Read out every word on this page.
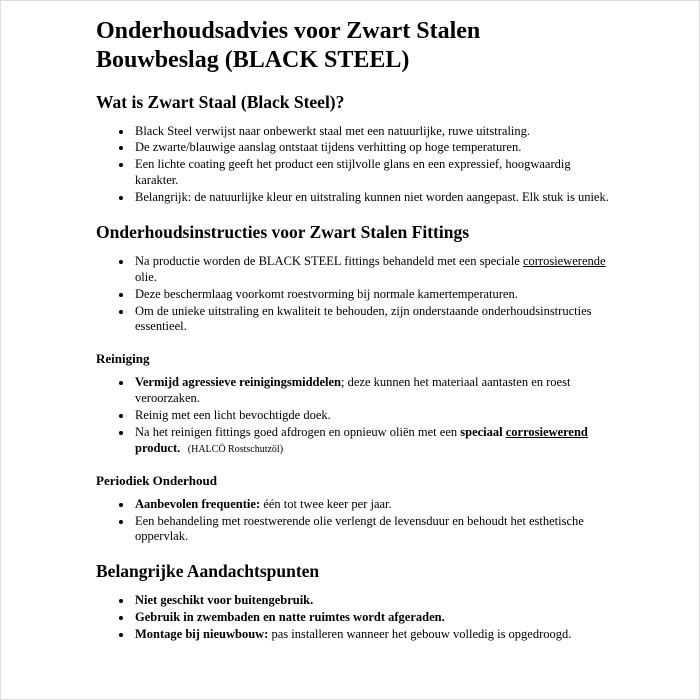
Onderhoudsadvies voor Zwart Stalen Bouwbeslag (BLACK STEEL)
Wat is Zwart Staal (Black Steel)?
• Black Steel verwijst naar onbewerkt staal met een natuurlijke, ruwe uitstraling.
• De zwarte/blauwige aanslag ontstaat tijdens verhitting op hoge temperaturen.
• Een lichte coating geeft het product een stijlvolle glans en een expressief, hoogwaardig karakter.
• Belangrijk: de natuurlijke kleur en uitstraling kunnen niet worden aangepast. Elk stuk is uniek.
Onderhoudsinstructies voor Zwart Stalen Fittings
• Na productie worden de BLACK STEEL fittings behandeld met een speciale corrosiewerende olie.
• Deze beschermlaag voorkomt roestvorming bij normale kamertemperaturen.
• Om de unieke uitstraling en kwaliteit te behouden, zijn onderstaande onderhoudsinstructies essentieel.
Reiniging
• Vermijd agressieve reinigingsmiddelen; deze kunnen het materiaal aantasten en roest veroorzaken.
• Reinig met een licht bevochtigde doek.
• Na het reinigen fittings goed afdrogen en opnieuw oliën met een speciaal corrosiewerend product.   (HALCÖ Rostschutzöl)
Periodiek Onderhoud
• Aanbevolen frequentie: één tot twee keer per jaar.
• Een behandeling met roestwerende olie verlengt de levensduur en behoudt het esthetische oppervlak.
Belangrijke Aandachtspunten
• Niet geschikt voor buitengebruik.
• Gebruik in zwembaden en natte ruimtes wordt afgeraden.
• Montage bij nieuwbouw: pas installeren wanneer het gebouw volledig is opgedroogd.
